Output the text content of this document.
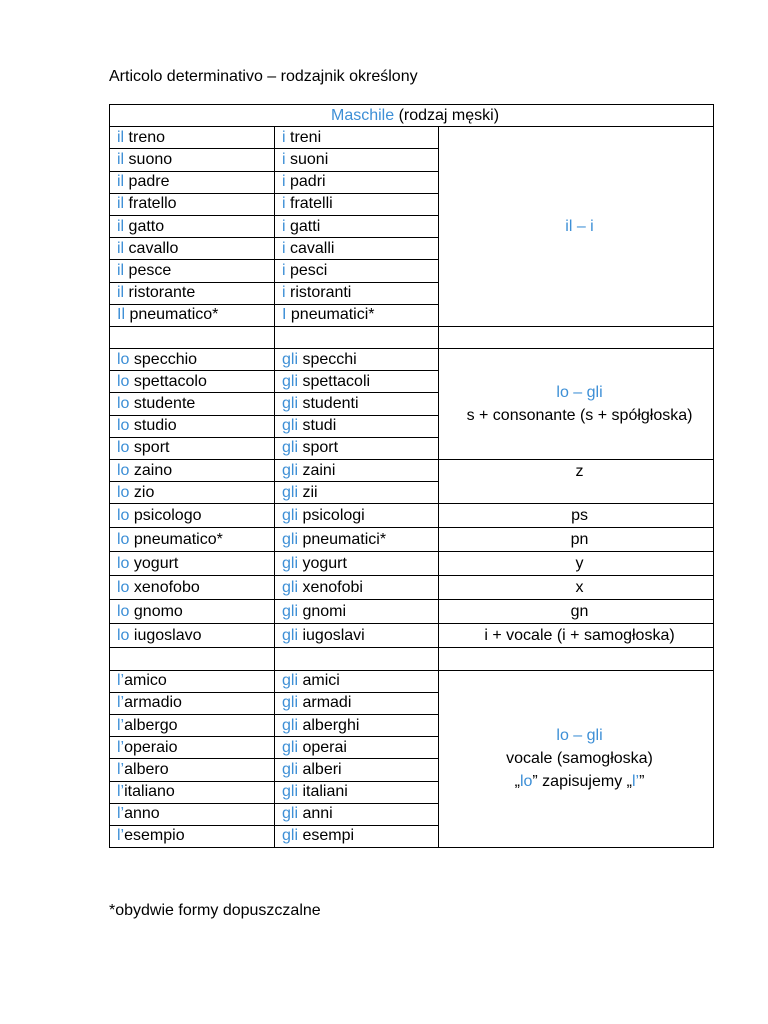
Articolo determinativo – rodzajnik określony
Maschile (rodzaj męski)		
il treno	i treni	il – i

il suono	i suoni	
il padre	i padri	
il fratello	i fratelli	
il gatto	i gatti	
il cavallo	i cavalli	
il pesce	i pesci	
il ristorante	i ristoranti	
Il pneumatico*	I pneumatici*	

lo specchio	gli specchi	lo – gli
s + consonante (s + spółgłoska)

lo spettacolo	gli spettacoli	
lo studente	gli studenti	
lo studio	gli studi	
lo sport	gli sport	
lo zaino	gli zaini	z

lo zio	gli zii	
lo psicologo	gli psicologi	ps

lo pneumatico*	gli pneumatici*	pn

lo yogurt	gli yogurt	y

lo xenofobo	gli xenofobi	x

lo gnomo	gli gnomi	gn

lo iugoslavo	gli iugoslavi	i + vocale (i + samogłoska)

l’amico	gli amici	lo – gli
vocale (samogłoska)
„lo” zapisujemy „l’”

l’armadio	gli armadi	
l’albergo	gli alberghi	
l’operaio	gli operai	
l’albero	gli alberi	
l’italiano	gli italiani	
l’anno	gli anni	
l’esempio	gli esempi	
*obydwie formy dopuszczalne
